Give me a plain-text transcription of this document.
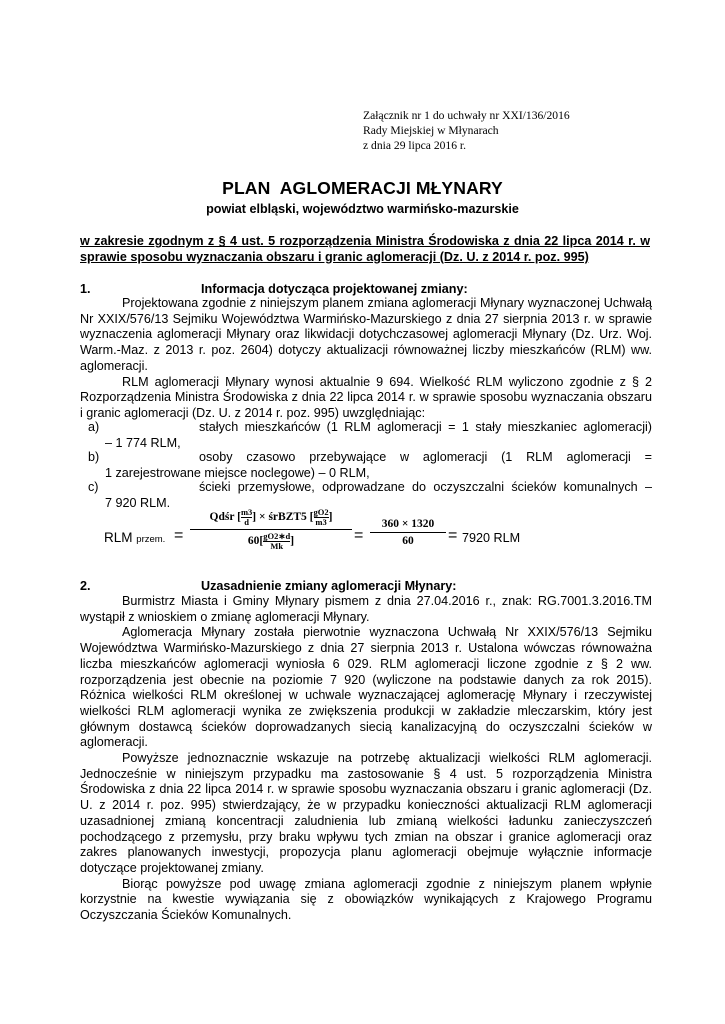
Załącznik nr 1 do uchwały nr XXI/136/2016
Rady Miejskiej w Młynarach
z dnia 29 lipca 2016 r.
PLAN  AGLOMERACJI MŁYNARY
powiat elbląski, województwo warmińsko-mazurskie
w zakresie zgodnym z § 4 ust. 5 rozporządzenia Ministra Środowiska z dnia 22 lipca 2014 r. w sprawie sposobu wyznaczania obszaru i granic aglomeracji (Dz. U. z 2014 r. poz. 995)
1.	Informacja dotycząca projektowanej zmiany:

Projektowana zgodnie z niniejszym planem zmiana aglomeracji Młynary wyznaczonej Uchwałą Nr XXIX/576/13 Sejmiku Województwa Warmińsko-Mazurskiego z dnia 27 sierpnia 2013 r. w sprawie wyznaczenia aglomeracji Młynary oraz likwidacji dotychczasowej aglomeracji Młynary (Dz. Urz. Woj. Warm.-Maz. z 2013 r. poz. 2604) dotyczy aktualizacji równoważnej liczby mieszkańców (RLM) ww. aglomeracji.

RLM aglomeracji Młynary wynosi aktualnie 9 694. Wielkość RLM wyliczono zgodnie z § 2 Rozporządzenia Ministra Środowiska z dnia 22 lipca 2014 r. w sprawie sposobu wyznaczania obszaru i granic aglomeracji (Dz. U. z 2014 r. poz. 995) uwzględniając:

a)	stałych mieszkańców (1 RLM aglomeracji = 1 stały mieszkaniec aglomeracji)
– 1 774 RLM,
b)	osoby czasowo przebywające w aglomeracji (1 RLM aglomeracji =
1 zarejestrowane miejsce noclegowe) – 0 RLM,
c)	ścieki przemysłowe, odprowadzane do oczyszczalni ścieków komunalnych –
7 920 RLM.
RLM przem. =
Qdśr [ $\frac{m3}{d}$ ] × śrBZT5 [ $\frac{gO2}{m3}$ ]
$60[ \frac{gO2∗d}{Mk}$ ]	=
360 × 1320
60	= 7920 RLM
2.	Uzasadnienie zmiany aglomeracji Młynary:

Burmistrz Miasta i Gminy Młynary pismem z dnia 27.04.2016 r., znak: RG.7001.3.2016.TM wystąpił z wnioskiem o zmianę aglomeracji Młynary.

Aglomeracja Młynary została pierwotnie wyznaczona Uchwałą Nr XXIX/576/13 Sejmiku Województwa Warmińsko-Mazurskiego z dnia 27 sierpnia 2013 r. Ustalona wówczas równoważna liczba mieszkańców aglomeracji wyniosła 6 029. RLM aglomeracji liczone zgodnie z § 2 ww. rozporządzenia jest obecnie na poziomie 7 920 (wyliczone na podstawie danych za rok 2015). Różnica wielkości RLM określonej w uchwale wyznaczającej aglomerację Młynary i rzeczywistej wielkości RLM aglomeracji wynika ze zwiększenia produkcji w zakładzie mleczarskim, który jest głównym dostawcą ścieków doprowadzanych siecią kanalizacyjną do oczyszczalni ścieków w aglomeracji.

Powyższe jednoznacznie wskazuje na potrzebę aktualizacji wielkości RLM aglomeracji. Jednocześnie w niniejszym przypadku ma zastosowanie § 4 ust. 5 rozporządzenia Ministra Środowiska z dnia 22 lipca 2014 r. w sprawie sposobu wyznaczania obszaru i granic aglomeracji (Dz. U. z 2014 r. poz. 995) stwierdzający, że w przypadku konieczności aktualizacji RLM aglomeracji uzasadnionej zmianą koncentracji zaludnienia lub zmianą wielkości ładunku zanieczyszczeń pochodzącego z przemysłu, przy braku wpływu tych zmian na obszar i granice aglomeracji oraz zakres planowanych inwestycji, propozycja planu aglomeracji obejmuje wyłącznie informacje dotyczące projektowanej zmiany.

Biorąc powyższe pod uwagę zmiana aglomeracji zgodnie z niniejszym planem wpłynie korzystnie na kwestie wywiązania się z obowiązków wynikających z Krajowego Programu Oczyszczania Ścieków Komunalnych.
